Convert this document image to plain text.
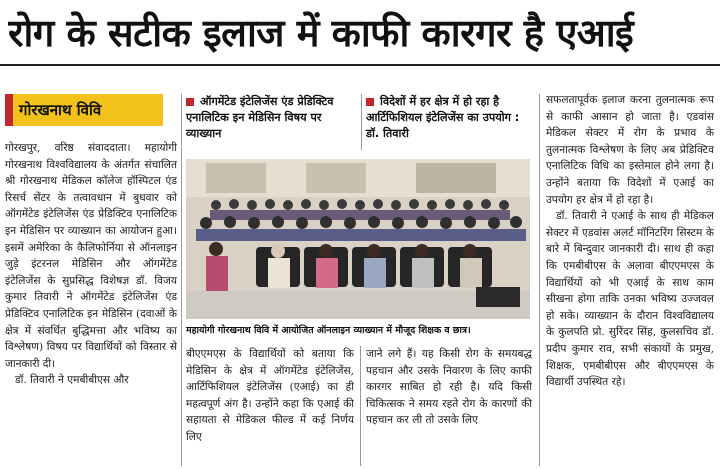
रोग के सटीक इलाज में काफी कारगर है एआई
गोरखनाथ विवि

गोरखपुर, वरिष्ठ संवाददाता। महायोगी गोरखनाथ विश्वविद्यालय के अंतर्गत संचालित श्री गोरखनाथ मेडिकल कॉलेज हॉस्पिटल एंड रिसर्च सेंटर के तत्वावधान में बुधवार को ऑगमेंटेड इंटेलिजेंस एंड प्रेडिक्टिव एनालिटिक इन मेडिसिन पर व्याख्यान का आयोजन हुआ। इसमें अमेरिका के कैलिफोर्निया से ऑनलाइन जुड़े इंटरनल मेडिसिन और ऑगमेंटेड इंटेलिजेंस के सुप्रसिद्ध विशेषज्ञ डॉ. विजय कुमार तिवारी ने ऑगमेंटेड इंटेलिजेंस एंड प्रेडिक्टिव एनालिटिक इन मेडिसिन (दवाओं के क्षेत्र में संवर्धित बुद्धिमत्ता और भविष्य का विश्लेषण) विषय पर विद्यार्थियों को विस्तार से जानकारी दी।

डॉ. तिवारी ने एमबीबीएस और

ऑगमेंटेड इंटेलिजेंस एंड प्रेडिक्टिव एनालिटिक इन मेडिसिन विषय पर व्याख्यान
विदेशों में हर क्षेत्र में हो रहा है आर्टिफिशियल इंटेलिजेंस का उपयोग : डॉ. तिवारी
महायोगी गोरखनाथ विवि में आयोजित ऑनलाइन व्याख्यान में मौजूद शिक्षक व छात्र।
बीएएमएस के विद्यार्थियों को बताया कि मेडिसिन के क्षेत्र में ऑगमेंटेड इंटेलिजेंस, आर्टिफिशियल इंटेलिजेंस (एआई) का ही महत्वपूर्ण अंग है। उन्होंने कहा कि एआई की सहायता से मेडिकल फील्ड में कई निर्णय लिए
जाने लगे हैं। यह किसी रोग के समयबद्ध पहचान और उसके निवारण के लिए काफी कारगर साबित हो रही है। यदि किसी चिकित्सक ने समय रहते रोग के कारणों की पहचान कर ली तो उसके लिए

सफलतापूर्वक इलाज करना तुलनात्मक रूप से काफी आसान हो जाता है। एडवांस मेडिकल सेक्टर में रोग के प्रभाव के तुलनात्मक विश्लेषण के लिए अब प्रेडिक्टिव एनालिटिक विधि का इस्तेमाल होने लगा है। उन्होंने बताया कि विदेशों में एआई का उपयोग हर क्षेत्र में हो रहा है।

डॉ. तिवारी ने एआई के साथ ही मेडिकल सेक्टर में एडवांस अलर्ट मॉनिटरिंग सिस्टम के बारे में बिन्दुवार जानकारी दी। साथ ही कहा कि एमबीबीएस के अलावा बीएएमएस के विद्यार्थियों को भी एआई के साथ काम सीखना होगा ताकि उनका भविष्य उज्जवल हो सके। व्याख्यान के दौरान विश्वविद्यालय के कुलपति प्रो. सुरिंदर सिंह, कुलसचिव डॉ. प्रदीप कुमार राव, सभी संकायों के प्रमुख, शिक्षक, एमबीबीएस और बीएएमएस के विद्यार्थी उपस्थित रहे।
